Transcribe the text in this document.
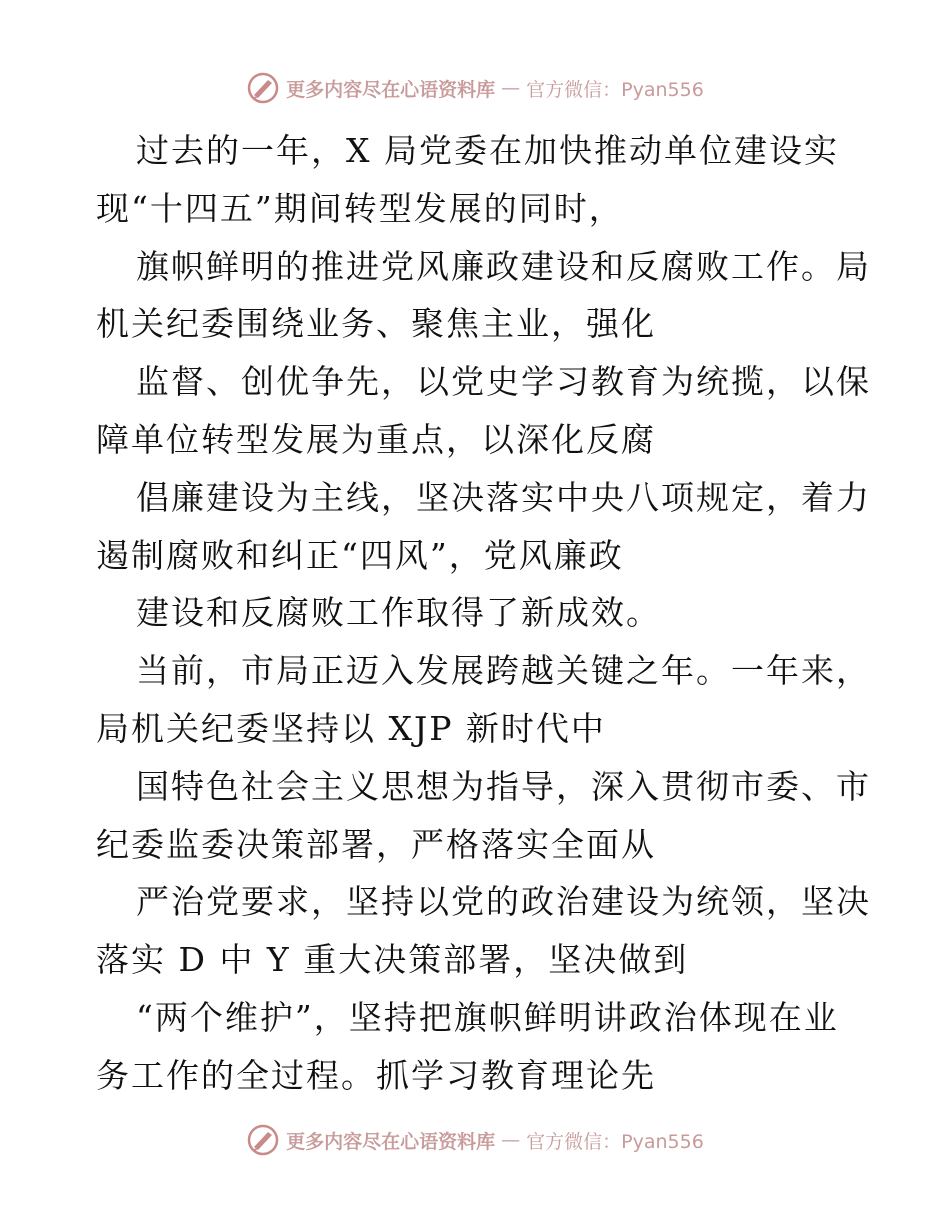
更多内容尽在心语资料库 — 官方微信：Pyan556
过去的一年，X 局党委在加快推动单位建设实
现“十四五”期间转型发展的同时，
旗帜鲜明的推进党风廉政建设和反腐败工作。局
机关纪委围绕业务、聚焦主业，强化
监督、创优争先，以党史学习教育为统揽，以保
障单位转型发展为重点，以深化反腐
倡廉建设为主线，坚决落实中央八项规定，着力
遏制腐败和纠正“四风”，党风廉政
建设和反腐败工作取得了新成效。
当前，市局正迈入发展跨越关键之年。一年来，
局机关纪委坚持以 XJP 新时代中
国特色社会主义思想为指导，深入贯彻市委、市
纪委监委决策部署，严格落实全面从
严治党要求，坚持以党的政治建设为统领，坚决
落实 D 中 Y 重大决策部署，坚决做到
“两个维护”，坚持把旗帜鲜明讲政治体现在业
务工作的全过程。抓学习教育理论先
更多内容尽在心语资料库 — 官方微信：Pyan556
